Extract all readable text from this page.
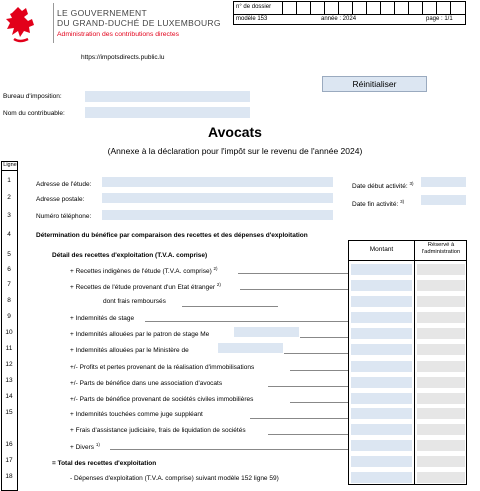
LE GOUVERNEMENT
DU GRAND-DUCHÉ DE LUXEMBOURG
Administration des contributions directes
https://impotsdirects.public.lu
n° de dossier
modèle 153	année : 2024	page : 1/1
Réinitialiser
Bureau d'imposition:
Nom du contribuable:
Avocats
(Annexe à la déclaration pour l'impôt sur le revenu de l'année 2024)
Ligne
1
2
3
4
5
6
7
8
9
10
11
12
13
14
15
16
17
18
Adresse de l'étude:
Adresse postale:
Numéro téléphone:
Date début activité: $^{3)}$
Date fin activité: $^{3)}$
Détermination du bénéfice par comparaison des recettes et des dépenses d'exploitation
Montant
Réservé à l'administration
Détail des recettes d'exploitation (T.V.A. comprise)
+ Recettes indigènes de l'étude (T.V.A. comprise) $^{2)}$
+ Recettes de l'étude provenant d'un Etat étranger $^{2)}$
dont frais remboursés
+ Indemnités de stage
+ Indemnités allouées par le patron de stage Me
+ Indemnités allouées par le Ministère de
+/- Profits et pertes provenant de la réalisation d'immobilisations
+/- Parts de bénéfice dans une association d'avocats
+/- Parts de bénéfice provenant de sociétés civiles immobilières
+ Indemnités touchées comme juge suppléant
+ Frais d'assistance judiciaire, frais de liquidation de sociétés
+ Divers $^{1)}$
= Total des recettes d'exploitation
- Dépenses d'exploitation (T.V.A. comprise) suivant modèle 152 ligne 59)
